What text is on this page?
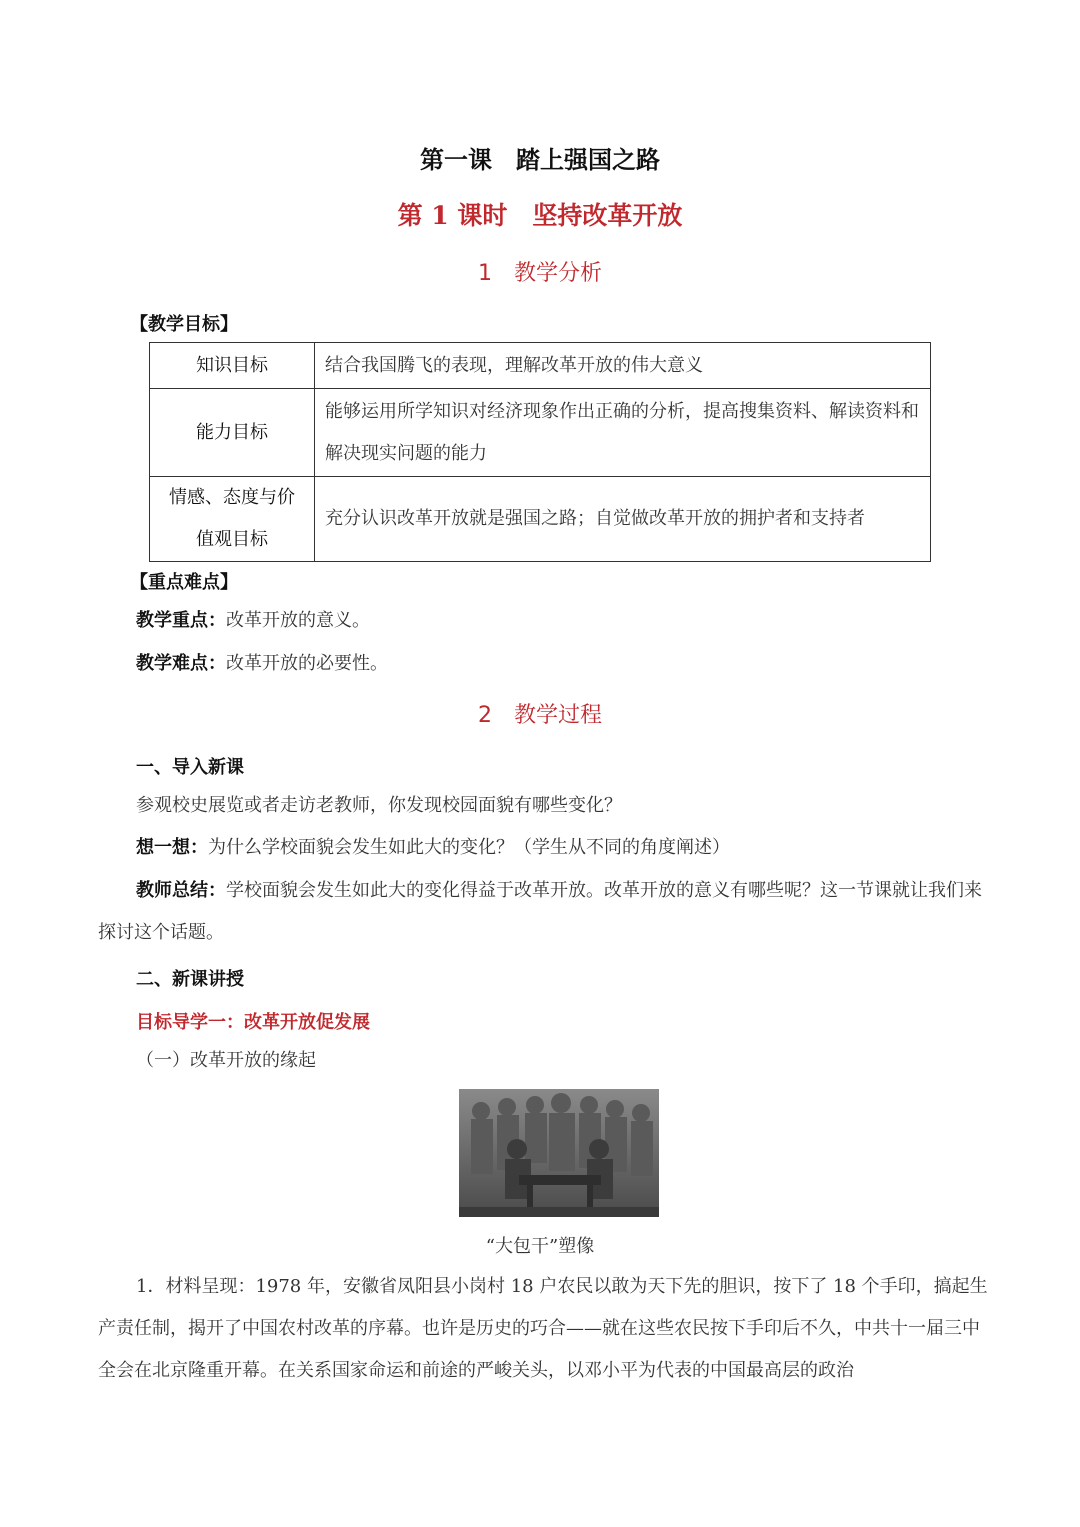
第一课　踏上强国之路
第 1 课时　坚持改革开放
1　教学分析
【教学目标】
知识目标	结合我国腾飞的表现，理解改革开放的伟大意义
能力目标	能够运用所学知识对经济现象作出正确的分析，提高搜集资料、解读资料和解决现实问题的能力
情感、态度与价值观目标	充分认识改革开放就是强国之路；自觉做改革开放的拥护者和支持者
【重点难点】
教学重点：改革开放的意义。
教学难点：改革开放的必要性。
2　教学过程
一、导入新课
参观校史展览或者走访老教师，你发现校园面貌有哪些变化？
想一想：为什么学校面貌会发生如此大的变化？（学生从不同的角度阐述）
教师总结：学校面貌会发生如此大的变化得益于改革开放。改革开放的意义有哪些呢？这一节课就让我们来探讨这个话题。
二、新课讲授
目标导学一：改革开放促发展
（一）改革开放的缘起
“大包干”塑像
1．材料呈现：1978 年，安徽省凤阳县小岗村 18 户农民以敢为天下先的胆识，按下了 18 个手印，搞起生产责任制，揭开了中国农村改革的序幕。也许是历史的巧合——就在这些农民按下手印后不久，中共十一届三中全会在北京隆重开幕。在关系国家命运和前途的严峻关头，以邓小平为代表的中国最高层的政治
